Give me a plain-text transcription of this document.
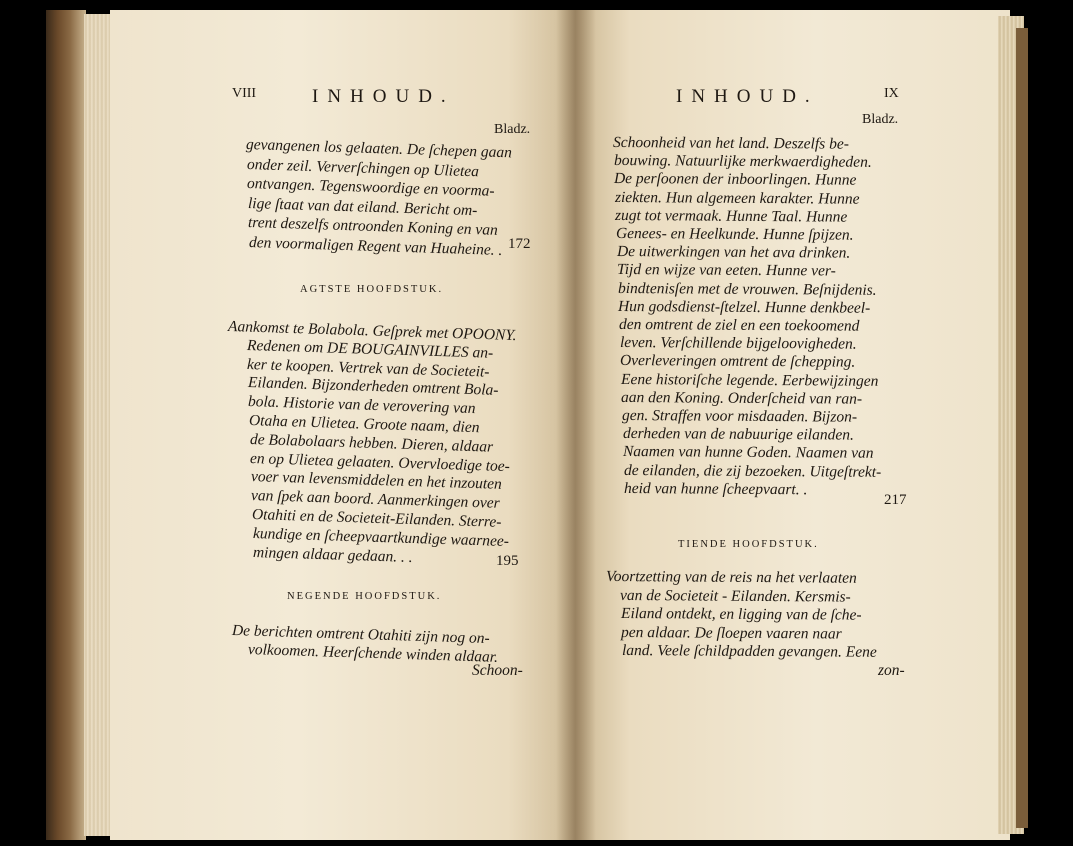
VIII	INHOUD.
Bladz.
gevangenen los gelaaten. De ſchepen gaan
onder zeil. Ververſchingen op Ulietea
ontvangen. Tegenswoordige en voorma-
lige ſtaat van dat eiland. Bericht om-
trent deszelfs ontroonden Koning en van
den voormaligen Regent van Huaheine. . 172
AGTSTE HOOFDSTUK.
Aankomst te Bolabola. Geſprek met OPOONY.
Redenen om DE BOUGAINVILLES an-
ker te koopen. Vertrek van de Societeit-
Eilanden. Bijzonderheden omtrent Bola-
bola. Historie van de verovering van
Otaha en Ulietea. Groote naam, dien
de Bolabolaars hebben. Dieren, aldaar
en op Ulietea gelaaten. Overvloedige toe-
voer van levensmiddelen en het inzouten
van ſpek aan boord. Aanmerkingen over
Otahiti en de Societeit-Eilanden. Sterre-
kundige en ſcheepvaartkundige waarnee-
mingen aldaar gedaan. . .	195
NEGENDE HOOFDSTUK.
De berichten omtrent Otahiti zijn nog on-
volkoomen. Heerſchende winden aldaar.
Schoon-
INHOUD.	IX
Bladz.
Schoonheid van het land. Deszelfs be-
bouwing. Natuurlijke merkwaerdigheden.
De perſoonen der inboorlingen. Hunne
ziekten. Hun algemeen karakter. Hunne
zugt tot vermaak. Hunne Taal. Hunne
Genees- en Heelkunde. Hunne ſpijzen.
De uitwerkingen van het ava drinken.
Tijd en wijze van eeten. Hunne ver-
bindtenisſen met de vrouwen. Beſnijdenis.
Hun godsdienst-ſtelzel. Hunne denkbeel-
den omtrent de ziel en een toekoomend
leven. Verſchillende bijgeloovigheden.
Overleveringen omtrent de ſchepping.
Eene historiſche legende. Eerbewijzingen
aan den Koning. Onderſcheid van ran-
gen. Straffen voor misdaaden. Bijzon-
derheden van de nabuurige eilanden.
Naamen van hunne Goden. Naamen van
de eilanden, die zij bezoeken. Uitgeſtrekt-
heid van hunne ſcheepvaart. .
217
TIENDE HOOFDSTUK.
Voortzetting van de reis na het verlaaten
van de Societeit - Eilanden. Kersmis-
Eiland ontdekt, en ligging van de ſche-
pen aldaar. De ſloepen vaaren naar
land. Veele ſchildpadden gevangen. Eene
zon-
